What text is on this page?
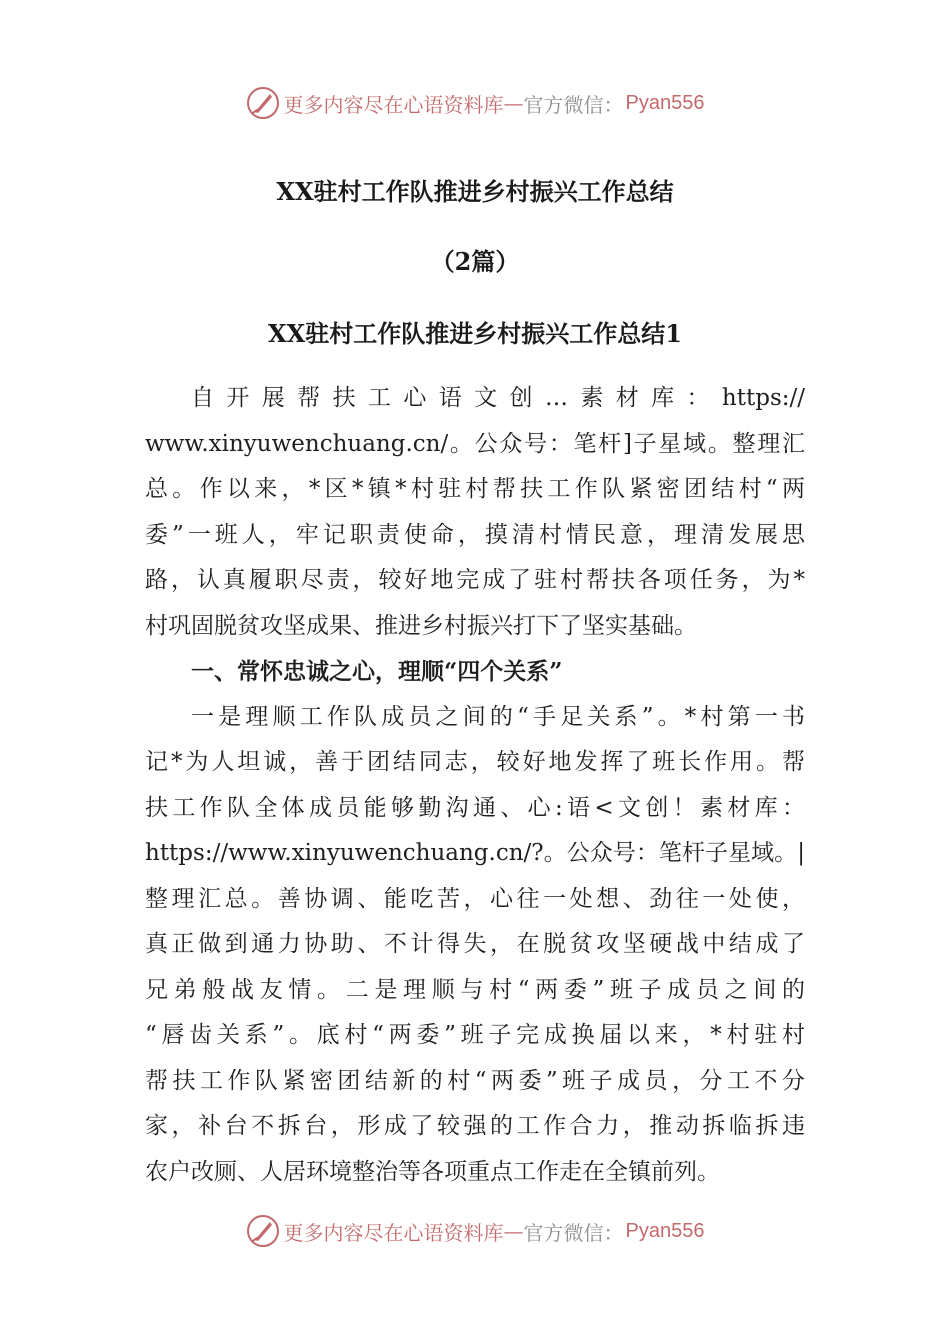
更多内容尽在心语资料库 — 官方微信： Pyan556
XX驻村工作队推进乡村振兴工作总结
（2篇）
XX驻村工作队推进乡村振兴工作总结1
自开展帮扶工心语文创…素材库：https://
www.xinyuwenchuang.cn/。公众号：笔杆]子星域。整理汇
总。作以来，*区*镇*村驻村帮扶工作队紧密团结村“两
委”一班人，牢记职责使命，摸清村情民意，理清发展思
路，认真履职尽责，较好地完成了驻村帮扶各项任务，为*
村巩固脱贫攻坚成果、推进乡村振兴打下了坚实基础。
一、常怀忠诚之心，理顺“四个关系”
一是理顺工作队成员之间的“手足关系”。*村第一书
记*为人坦诚，善于团结同志，较好地发挥了班长作用。帮
扶工作队全体成员能够勤沟通、心:语<文创！素材库：
https://www.xinyuwenchuang.cn/?。公众号：笔杆子星域。|
整理汇总。善协调、能吃苦，心往一处想、劲往一处使，
真正做到通力协助、不计得失，在脱贫攻坚硬战中结成了
兄弟般战友情。二是理顺与村“两委”班子成员之间的
“唇齿关系”。底村“两委”班子完成换届以来，*村驻村
帮扶工作队紧密团结新的村“两委”班子成员，分工不分
家，补台不拆台，形成了较强的工作合力，推动拆临拆违
农户改厕、人居环境整治等各项重点工作走在全镇前列。
更多内容尽在心语资料库 — 官方微信： Pyan556
